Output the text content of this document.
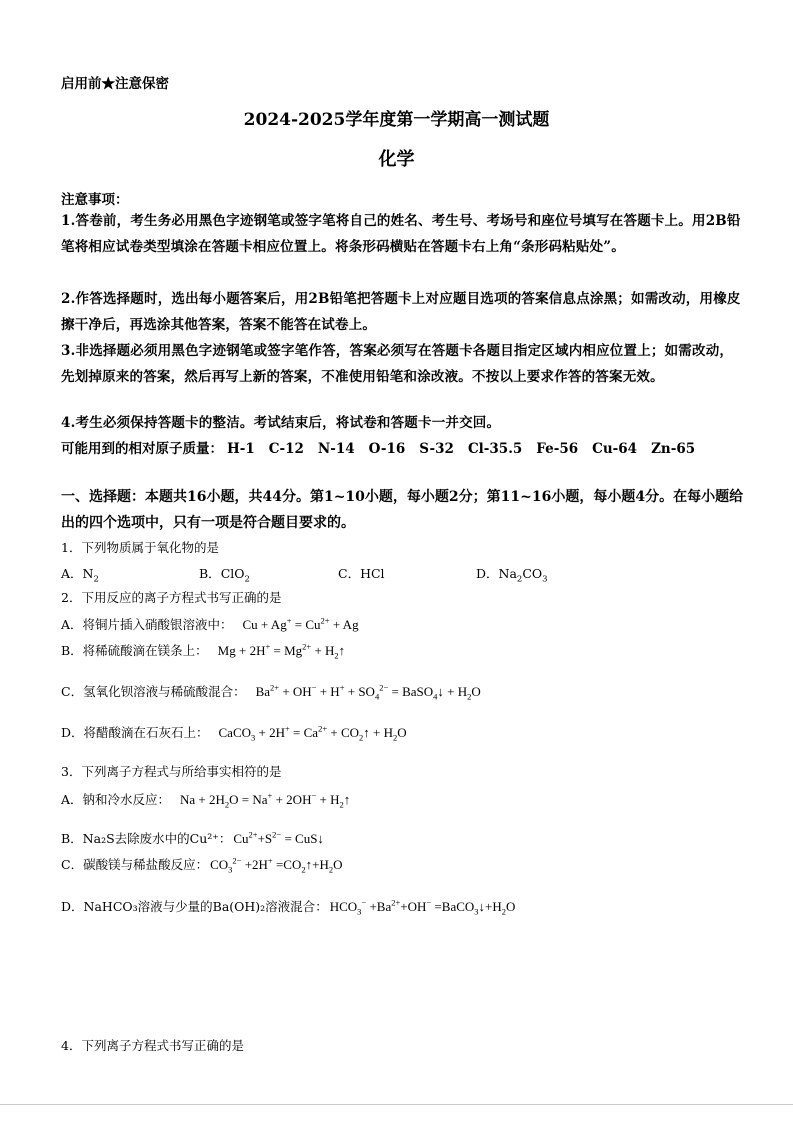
启用前★注意保密
2024-2025学年度第一学期高一测试题
化学
注意事项：
1.答卷前，考生务必用黑色字迹钢笔或签字笔将自己的姓名、考生号、考场号和座位号填写在答题卡上。用2B铅笔将相应试卷类型填涂在答题卡相应位置上。将条形码横贴在答题卡右上角“条形码粘贴处”。
2.作答选择题时，选出每小题答案后，用2B铅笔把答题卡上对应题目选项的答案信息点涂黑；如需改动，用橡皮擦干净后，再选涂其他答案，答案不能答在试卷上。
3.非选择题必须用黑色字迹钢笔或签字笔作答，答案必须写在答题卡各题目指定区域内相应位置上；如需改动，先划掉原来的答案，然后再写上新的答案，不准使用铅笔和涂改液。不按以上要求作答的答案无效。
4.考生必须保持答题卡的整洁。考试结束后，将试卷和答题卡一并交回。
可能用到的相对原子质量： H-1 C-12 N-14 O-16 S-32 Cl-35.5 Fe-56 Cu-64 Zn-65
一、选择题：本题共16小题，共44分。第1~10小题，每小题2分；第11~16小题，每小题4分。在每小题给出的四个选项中，只有一项是符合题目要求的。
1．下列物质属于氧化物的是
A．$N_2$	B．ClO$_2$	C．HCl	D．$Na_2CO_3$
2．下用反应的离子方程式书写正确的是
A．将铜片插入硝酸银溶液中： $Cu + Ag^+ = Cu^{2+} + Ag$
B．将稀硫酸滴在镁条上： $Mg + 2H^+ = Mg^{2+}$ + $H_2↑$
C．氢氧化钡溶液与稀硫酸混合： $Ba^{2+} + OH^- + H^+ + SO_4^{2-}$ = BaSO$_4$↓ + $H_2O$
D．将醋酸滴在石灰石上： CaCO$_3$ + $2H^+ = Ca^{2+}$ + $CO_2↑ + H_2O$
3．下列离子方程式与所给事实相符的是
A．钠和冷水反应： $Na + 2H_2O = Na^+ + 2OH^-$ + $H_2↑$
B．Na₂S去除废水中的Cu²⁺： $Cu^{2+}+S^{2-}$ = CuS↓
C．碳酸镁与稀盐酸反应： $CO_3^{2-} +2H^+$ $=CO_2↑+H_2O$
D．NaHCO₃溶液与少量的Ba(OH)₂溶液混合： $HCO_3^- +Ba^{2+}+OH^-$ $=BaCO_3↓+H_2O$
4．下列离子方程式书写正确的是
